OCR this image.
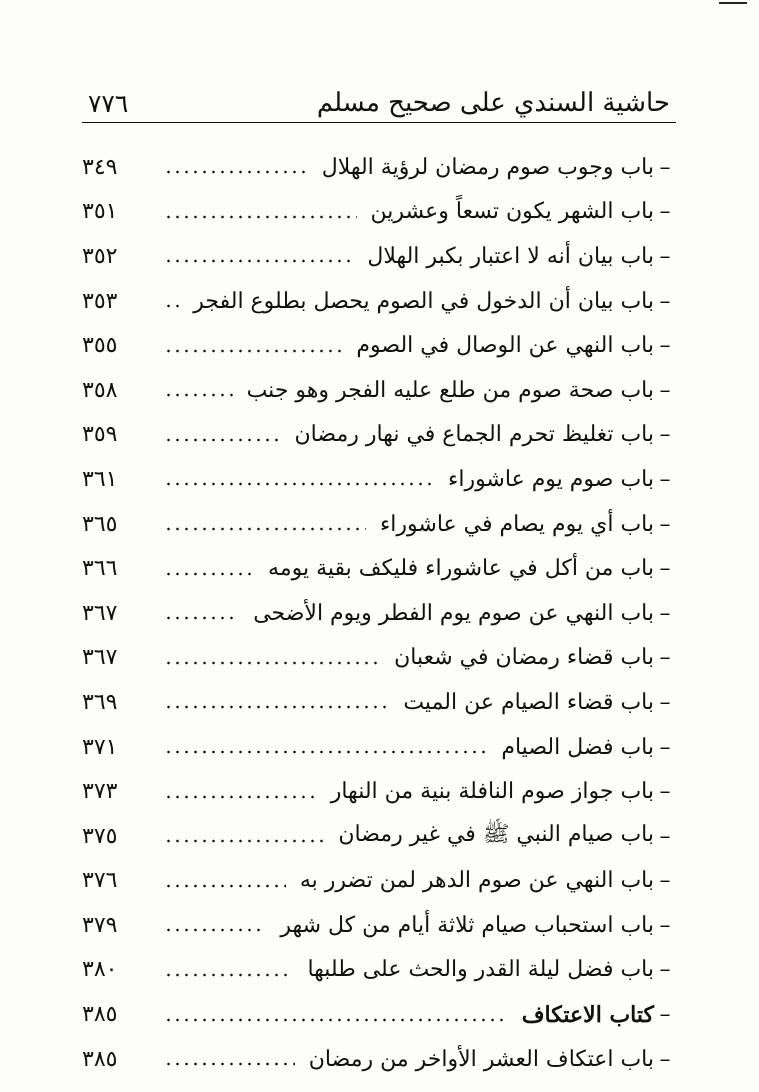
حاشية السندي على صحيح مسلم
٧٧٦
–
باب وجوب صوم رمضان لرؤية الهلال
٣٤٩
–
باب الشهر يكون تسعاً وعشرين
٣٥١
–
باب بيان أنه لا اعتبار بكبر الهلال
٣٥٢
–
باب بيان أن الدخول في الصوم يحصل بطلوع الفجر
٣٥٣
–
باب النهي عن الوصال في الصوم
٣٥٥
–
باب صحة صوم من طلع عليه الفجر وهو جنب
٣٥٨
–
باب تغليظ تحرم الجماع في نهار رمضان
٣٥٩
–
باب صوم يوم عاشوراء
٣٦١
–
باب أي يوم يصام في عاشوراء
٣٦٥
–
باب من أكل في عاشوراء فليكف بقية يومه
٣٦٦
–
باب النهي عن صوم يوم الفطر ويوم الأضحى
٣٦٧
–
باب قضاء رمضان في شعبان
٣٦٧
–
باب قضاء الصيام عن الميت
٣٦٩
–
باب فضل الصيام
٣٧١
–
باب جواز صوم النافلة بنية من النهار
٣٧٣
–
باب صيام النبي ﷺ في غير رمضان
٣٧٥
–
باب النهي عن صوم الدهر لمن تضرر به
٣٧٦
–
باب استحباب صيام ثلاثة أيام من كل شهر
٣٧٩
–
باب فضل ليلة القدر والحث على طلبها
٣٨٠
–
كتاب الاعتكاف
٣٨٥
–
باب اعتكاف العشر الأواخر من رمضان
٣٨٥
